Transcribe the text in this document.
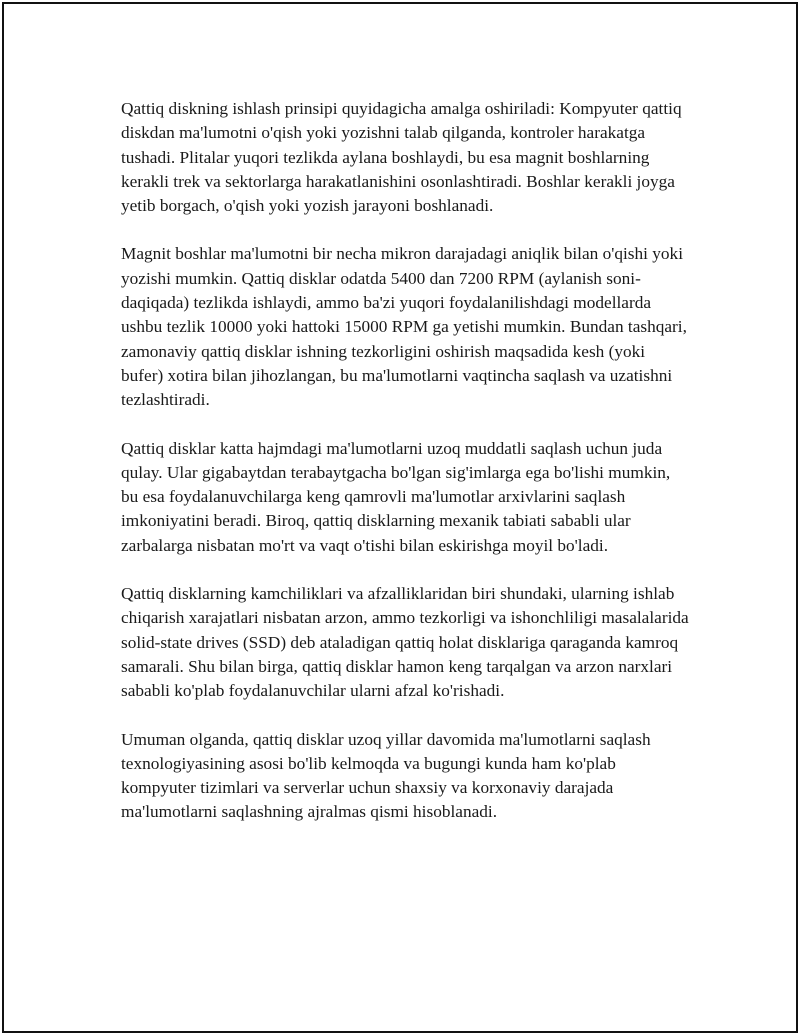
Qattiq diskning ishlash prinsipi quyidagicha amalga oshiriladi: Kompyuter qattiq diskdan ma'lumotni o'qish yoki yozishni talab qilganda, kontroler harakatga tushadi. Plitalar yuqori tezlikda aylana boshlaydi, bu esa magnit boshlarning kerakli trek va sektorlarga harakatlanishini osonlashtiradi. Boshlar kerakli joyga yetib borgach, o'qish yoki yozish jarayoni boshlanadi.

Magnit boshlar ma'lumotni bir necha mikron darajadagi aniqlik bilan o'qishi yoki yozishi mumkin. Qattiq disklar odatda 5400 dan 7200 RPM (aylanish soni-daqiqada) tezlikda ishlaydi, ammo ba'zi yuqori foydalanilishdagi modellarda ushbu tezlik 10000 yoki hattoki 15000 RPM ga yetishi mumkin. Bundan tashqari, zamonaviy qattiq disklar ishning tezkorligini oshirish maqsadida kesh (yoki bufer) xotira bilan jihozlangan, bu ma'lumotlarni vaqtincha saqlash va uzatishni tezlashtiradi.

Qattiq disklar katta hajmdagi ma'lumotlarni uzoq muddatli saqlash uchun juda qulay. Ular gigabaytdan terabaytgacha bo'lgan sig'imlarga ega bo'lishi mumkin, bu esa foydalanuvchilarga keng qamrovli ma'lumotlar arxivlarini saqlash imkoniyatini beradi. Biroq, qattiq disklarning mexanik tabiati sababli ular zarbalarga nisbatan mo'rt va vaqt o'tishi bilan eskirishga moyil bo'ladi.

Qattiq disklarning kamchiliklari va afzalliklaridan biri shundaki, ularning ishlab chiqarish xarajatlari nisbatan arzon, ammo tezkorligi va ishonchliligi masalalarida solid-state drives (SSD) deb ataladigan qattiq holat disklariga qaraganda kamroq samarali. Shu bilan birga, qattiq disklar hamon keng tarqalgan va arzon narxlari sababli ko'plab foydalanuvchilar ularni afzal ko'rishadi.

Umuman olganda, qattiq disklar uzoq yillar davomida ma'lumotlarni saqlash texnologiyasining asosi bo'lib kelmoqda va bugungi kunda ham ko'plab kompyuter tizimlari va serverlar uchun shaxsiy va korxonaviy darajada ma'lumotlarni saqlashning ajralmas qismi hisoblanadi.
